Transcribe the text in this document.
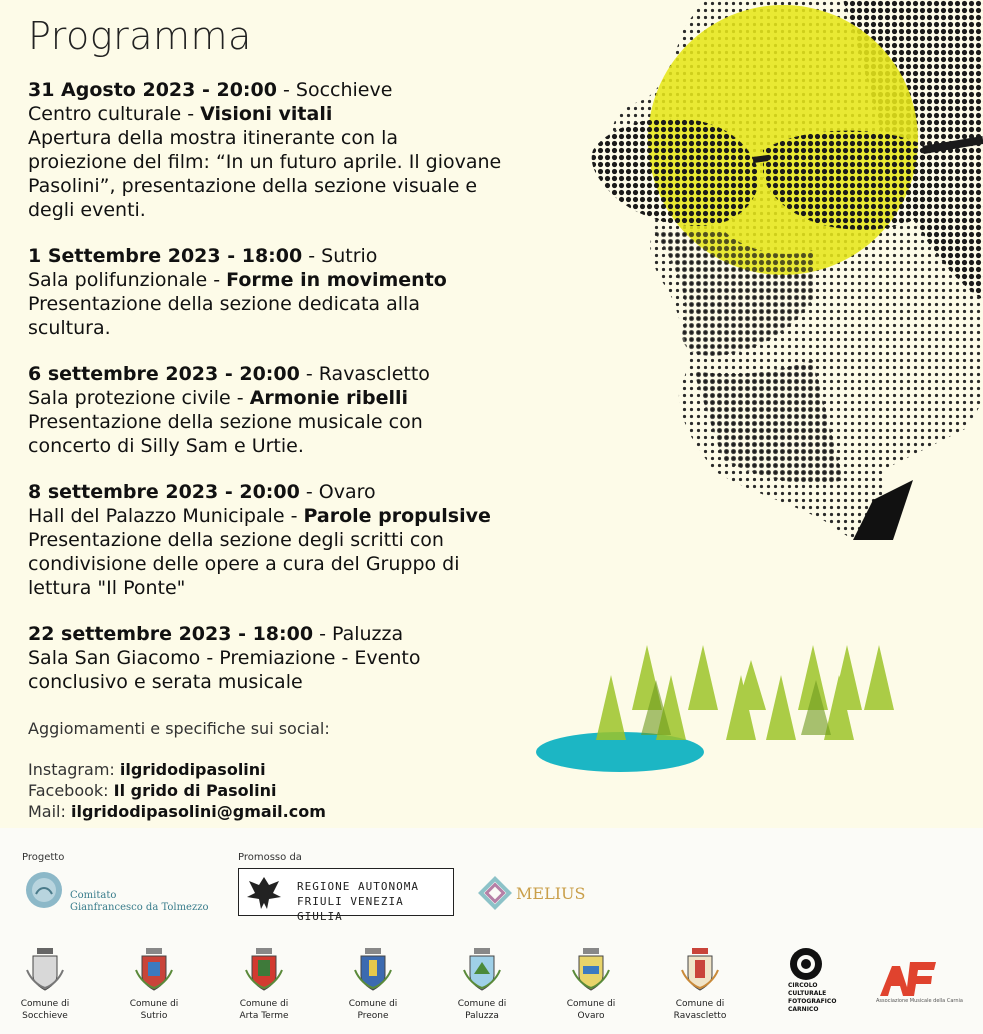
Programma
31 Agosto 2023 - 20:00 - Socchieve
Centro culturale - Visioni vitali
Apertura della mostra itinerante con la
proiezione del film: “In un futuro aprile. Il giovane
Pasolini”, presentazione della sezione visuale e
degli eventi.
1 Settembre 2023 - 18:00 - Sutrio
Sala polifunzionale - Forme in movimento
Presentazione della sezione dedicata alla
scultura.
6 settembre 2023 - 20:00 - Ravascletto
Sala protezione civile - Armonie ribelli
Presentazione della sezione musicale con
concerto di Silly Sam e Urtie.
8 settembre 2023 - 20:00 - Ovaro
Hall del Palazzo Municipale - Parole propulsive
Presentazione della sezione degli scritti con
condivisione delle opere a cura del Gruppo di
lettura "Il Ponte"
22 settembre 2023 - 18:00 - Paluzza
Sala San Giacomo - Premiazione - Evento
conclusivo e serata musicale
Aggiomamenti e specifiche sui social:
Instagram: ilgridodipasolini
Facebook: Il grido di Pasolini
Mail: ilgridodipasolini@gmail.com
Progetto	Promosso da
Comitato
Gianfrancesco da Tolmezzo
REGIONE AUTONOMA
FRIULI VENEZIA GIULIA
MELIUS
Comune di
Socchieve
Comune di
Sutrio
Comune di
Arta Terme
Comune di
Preone
Comune di
Paluzza
Comune di
Ovaro
Comune di
Ravascletto
CIRCOLO
CULTURALE
FOTOGRAFICO
CARNICO
Associazione Musicale della Carnia
